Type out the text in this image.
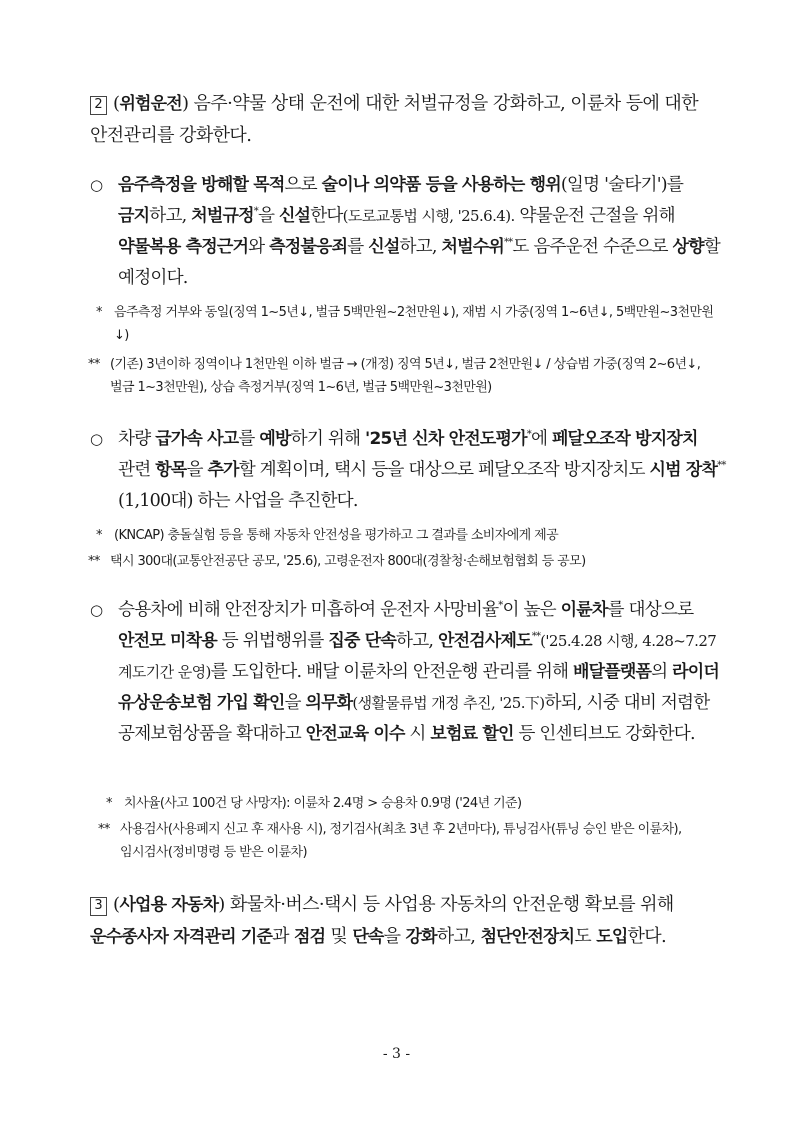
2 (위험운전) 음주·약물 상태 운전에 대한 처벌규정을 강화하고, 이륜차 등에 대한 안전관리를 강화한다.
○ 음주측정을 방해할 목적으로 술이나 의약품 등을 사용하는 행위(일명 '술타기')를 금지하고, 처벌규정*을 신설한다(도로교통법 시행, '25.6.4). 약물운전 근절을 위해 약물복용 측정근거와 측정불응죄를 신설하고, 처벌수위**도 음주운전 수준으로 상향할 예정이다.
* 음주측정 거부와 동일(징역 1~5년↓, 벌금 5백만원~2천만원↓), 재범 시 가중(징역 1~6년↓, 5백만원~3천만원↓)
** (기존) 3년이하 징역이나 1천만원 이하 벌금 → (개정) 징역 5년↓, 벌금 2천만원↓ / 상습범 가중(징역 2~6년↓, 벌금 1~3천만원), 상습 측정거부(징역 1~6년, 벌금 5백만원~3천만원)
○ 차량 급가속 사고를 예방하기 위해 '25년 신차 안전도평가*에 페달오조작 방지장치 관련 항목을 추가할 계획이며, 택시 등을 대상으로 페달오조작 방지장치도 시범 장착**(1,100대) 하는 사업을 추진한다.
* (KNCAP) 충돌실험 등을 통해 자동차 안전성을 평가하고 그 결과를 소비자에게 제공
** 택시 300대(교통안전공단 공모, '25.6), 고령운전자 800대(경찰청·손해보험협회 등 공모)
○ 승용차에 비해 안전장치가 미흡하여 운전자 사망비율*이 높은 이륜차를 대상으로 안전모 미착용 등 위법행위를 집중 단속하고, 안전검사제도**('25.4.28 시행, 4.28~7.27 계도기간 운영)를 도입한다. 배달 이륜차의 안전운행 관리를 위해 배달플랫폼의 라이더 유상운송보험 가입 확인을 의무화(생활물류법 개정 추진, '25.下)하되, 시중 대비 저렴한 공제보험상품을 확대하고 안전교육 이수 시 보험료 할인 등 인센티브도 강화한다.
* 치사율(사고 100건 당 사망자): 이륜차 2.4명 > 승용차 0.9명 ('24년 기준)
** 사용검사(사용폐지 신고 후 재사용 시), 정기검사(최초 3년 후 2년마다), 튜닝검사(튜닝 승인 받은 이륜차), 임시검사(정비명령 등 받은 이륜차)
3 (사업용 자동차) 화물차·버스·택시 등 사업용 자동차의 안전운행 확보를 위해 운수종사자 자격관리 기준과 점검 및 단속을 강화하고, 첨단안전장치도 도입한다.
- 3 -
